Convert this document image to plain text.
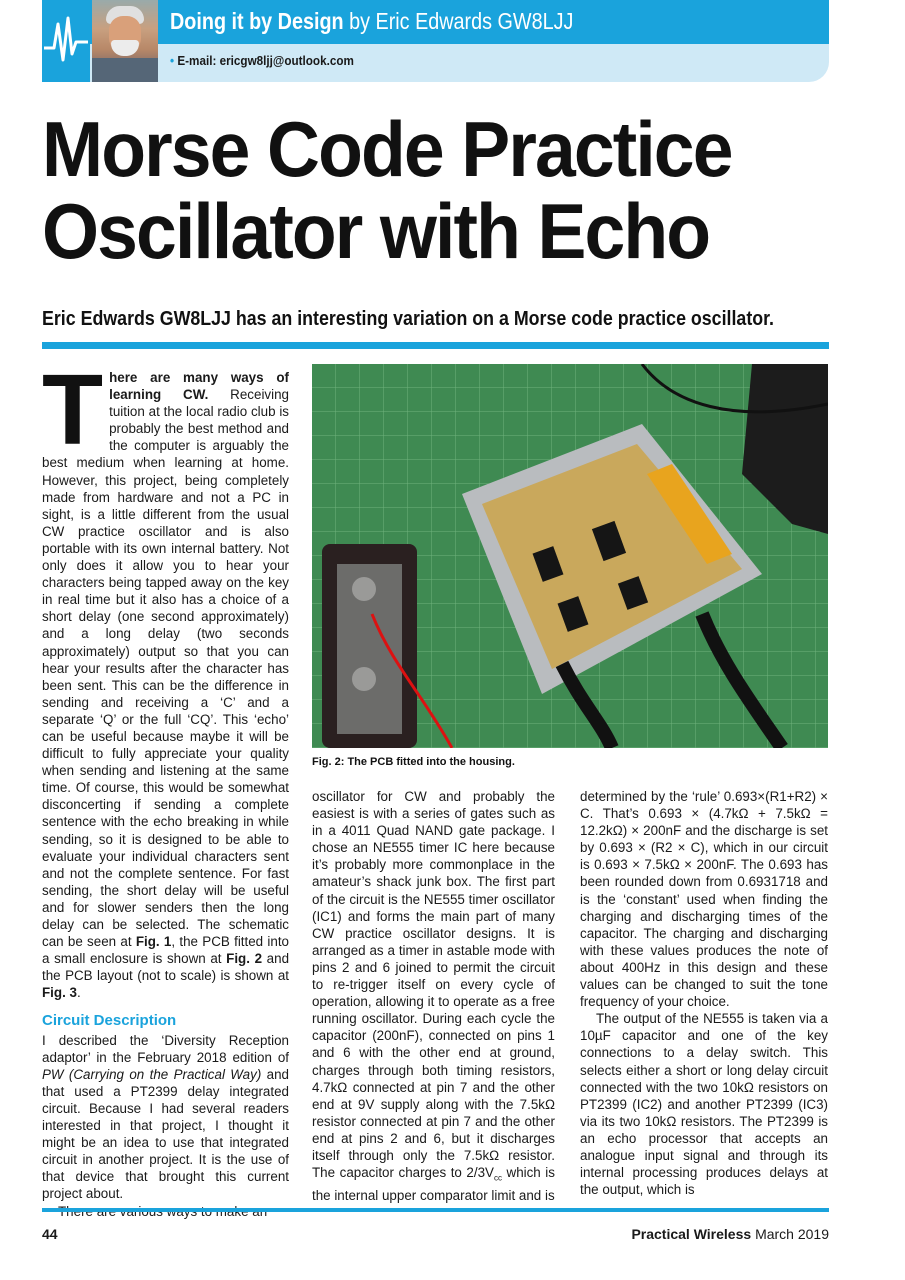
Doing it by Design by Eric Edwards GW8LJJ
• E-mail: ericgw8ljj@outlook.com
Morse Code Practice
Oscillator with Echo
Eric Edwards GW8LJJ has an interesting variation on a Morse code practice oscillator.

There are many ways of learning CW. Receiving tuition at the local radio club is probably the best method and the computer is arguably the best medium when learning at home. However, this project, being completely made from hardware and not a PC in sight, is a little different from the usual CW practice oscillator and is also portable with its own internal battery. Not only does it allow you to hear your characters being tapped away on the key in real time but it also has a choice of a short delay (one second approximately) and a long delay (two seconds approximately) output so that you can hear your results after the character has been sent. This can be the difference in sending and receiving a ‘C’ and a separate ‘Q’ or the full ‘CQ’. This ‘echo’ can be useful because maybe it will be difficult to fully appreciate your quality when sending and listening at the same time. Of course, this would be somewhat disconcerting if sending a complete sentence with the echo breaking in while sending, so it is designed to be able to evaluate your individual characters sent and not the complete sentence. For fast sending, the short delay will be useful and for slower senders then the long delay can be selected. The schematic can be seen at Fig. 1, the PCB fitted into a small enclosure is shown at Fig. 2 and the PCB layout (not to scale) is shown at Fig. 3.

Circuit Description

I described the ‘Diversity Reception adaptor’ in the February 2018 edition of PW (Carrying on the Practical Way) and that used a PT2399 delay integrated circuit. Because I had several readers interested in that project, I thought it might be an idea to use that integrated circuit in another project. It is the use of that device that brought this current project about.

Fig. 2: The PCB fitted into the housing.

oscillator for CW and probably the easiest is with a series of gates such as in a 4011 Quad NAND gate package. I chose an NE555 timer IC here because it’s probably more commonplace in the amateur’s shack junk box. The first part of the circuit is the NE555 timer oscillator (IC1) and forms the main part of many CW practice oscillator designs. It is arranged as a timer in astable mode with pins 2 and 6 joined to permit the circuit to re-trigger itself on every cycle of operation, allowing it to operate as a free running oscillator. During each cycle the capacitor (200nF), connected on pins 1 and 6 with the other end at ground, charges through both timing resistors, 4.7kΩ connected at pin 7 and the other end at 9V supply along with the 7.5kΩ resistor connected at pin 7 and the other end at pins 2 and 6, but it discharges itself through only the 7.5kΩ resistor. The capacitor charges to $2/3V_{cc}$ which is the internal upper comparator limit and is

determined by the ‘rule’ 0.693×(R1+R2) × C. That’s 0.693 × (4.7kΩ + 7.5kΩ = 12.2kΩ) × 200nF and the discharge is set by 0.693 × (R2 × C), which in our circuit is 0.693 × 7.5kΩ × 200nF. The 0.693 has been rounded down from 0.6931718 and is the ‘constant’ used when finding the charging and discharging times of the capacitor. The charging and discharging with these values produces the note of about 400Hz in this design and these values can be changed to suit the tone frequency of your choice.

The output of the NE555 is taken via a 10µF capacitor and one of the key connections to a delay switch. This selects either a short or long delay circuit connected with the two 10kΩ resistors on PT2399 (IC2) and another PT2399 (IC3) via its two 10kΩ resistors. The PT2399 is an echo processor that accepts an analogue input signal and through its internal processing produces delays at the output, which is

44	Practical Wireless March 2019
